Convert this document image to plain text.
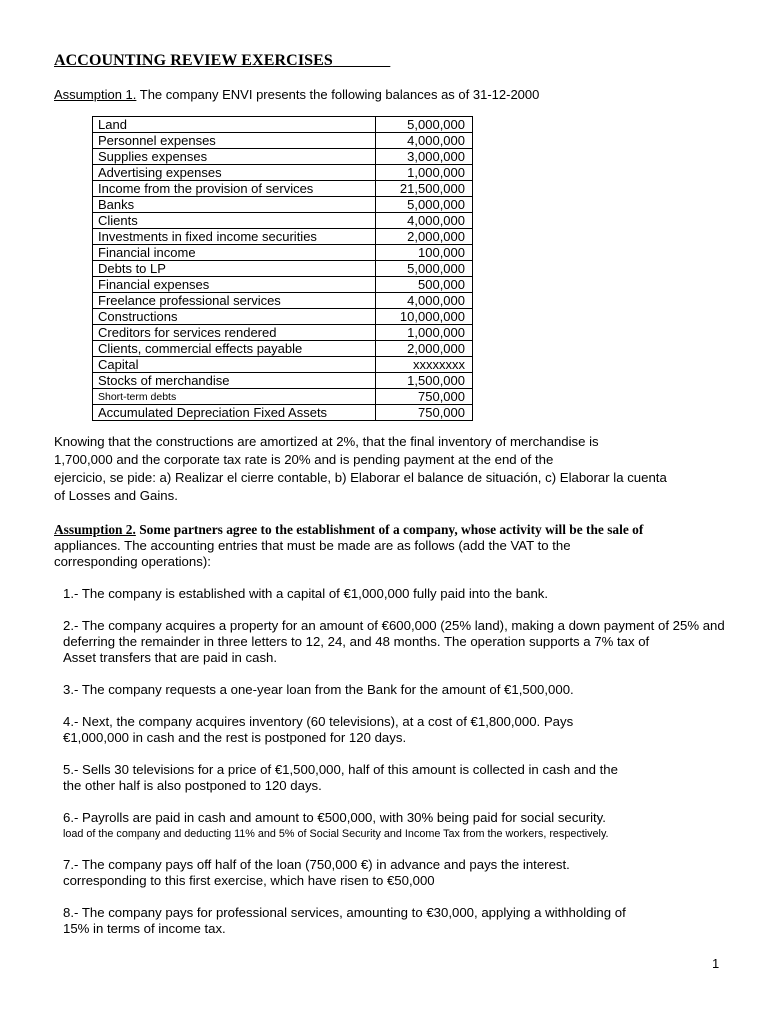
ACCOUNTING REVIEW EXERCISES
Assumption 1. The company ENVI presents the following balances as of 31-12-2000
Land	5,000,000
Personnel expenses	4,000,000
Supplies expenses	3,000,000
Advertising expenses	1,000,000
Income from the provision of services	21,500,000
Banks	5,000,000
Clients	4,000,000
Investments in fixed income securities	2,000,000
Financial income	100,000
Debts to LP	5,000,000
Financial expenses	500,000
Freelance professional services	4,000,000
Constructions	10,000,000
Creditors for services rendered	1,000,000
Clients, commercial effects payable	2,000,000
Capital	xxxxxxxx
Stocks of merchandise	1,500,000
Short-term debts	750,000
Accumulated Depreciation Fixed Assets	750,000
Knowing that the constructions are amortized at 2%, that the final inventory of merchandise is
1,700,000 and the corporate tax rate is 20% and is pending payment at the end of the
ejercicio, se pide: a) Realizar el cierre contable, b) Elaborar el balance de situación, c) Elaborar la cuenta
of Losses and Gains.
Assumption 2. Some partners agree to the establishment of a company, whose activity will be the sale of
appliances. The accounting entries that must be made are as follows (add the VAT to the
corresponding operations):
1.- The company is established with a capital of €1,000,000 fully paid into the bank.
2.- The company acquires a property for an amount of €600,000 (25% land), making a down payment of 25% and
deferring the remainder in three letters to 12, 24, and 48 months. The operation supports a 7% tax of
Asset transfers that are paid in cash.
3.- The company requests a one-year loan from the Bank for the amount of €1,500,000.
4.- Next, the company acquires inventory (60 televisions), at a cost of €1,800,000. Pays
€1,000,000 in cash and the rest is postponed for 120 days.
5.- Sells 30 televisions for a price of €1,500,000, half of this amount is collected in cash and the
the other half is also postponed to 120 days.
6.- Payrolls are paid in cash and amount to €500,000, with 30% being paid for social security.
load of the company and deducting 11% and 5% of Social Security and Income Tax from the workers, respectively.
7.- The company pays off half of the loan (750,000 €) in advance and pays the interest.
corresponding to this first exercise, which have risen to €50,000
8.- The company pays for professional services, amounting to €30,000, applying a withholding of
15% in terms of income tax.
1
